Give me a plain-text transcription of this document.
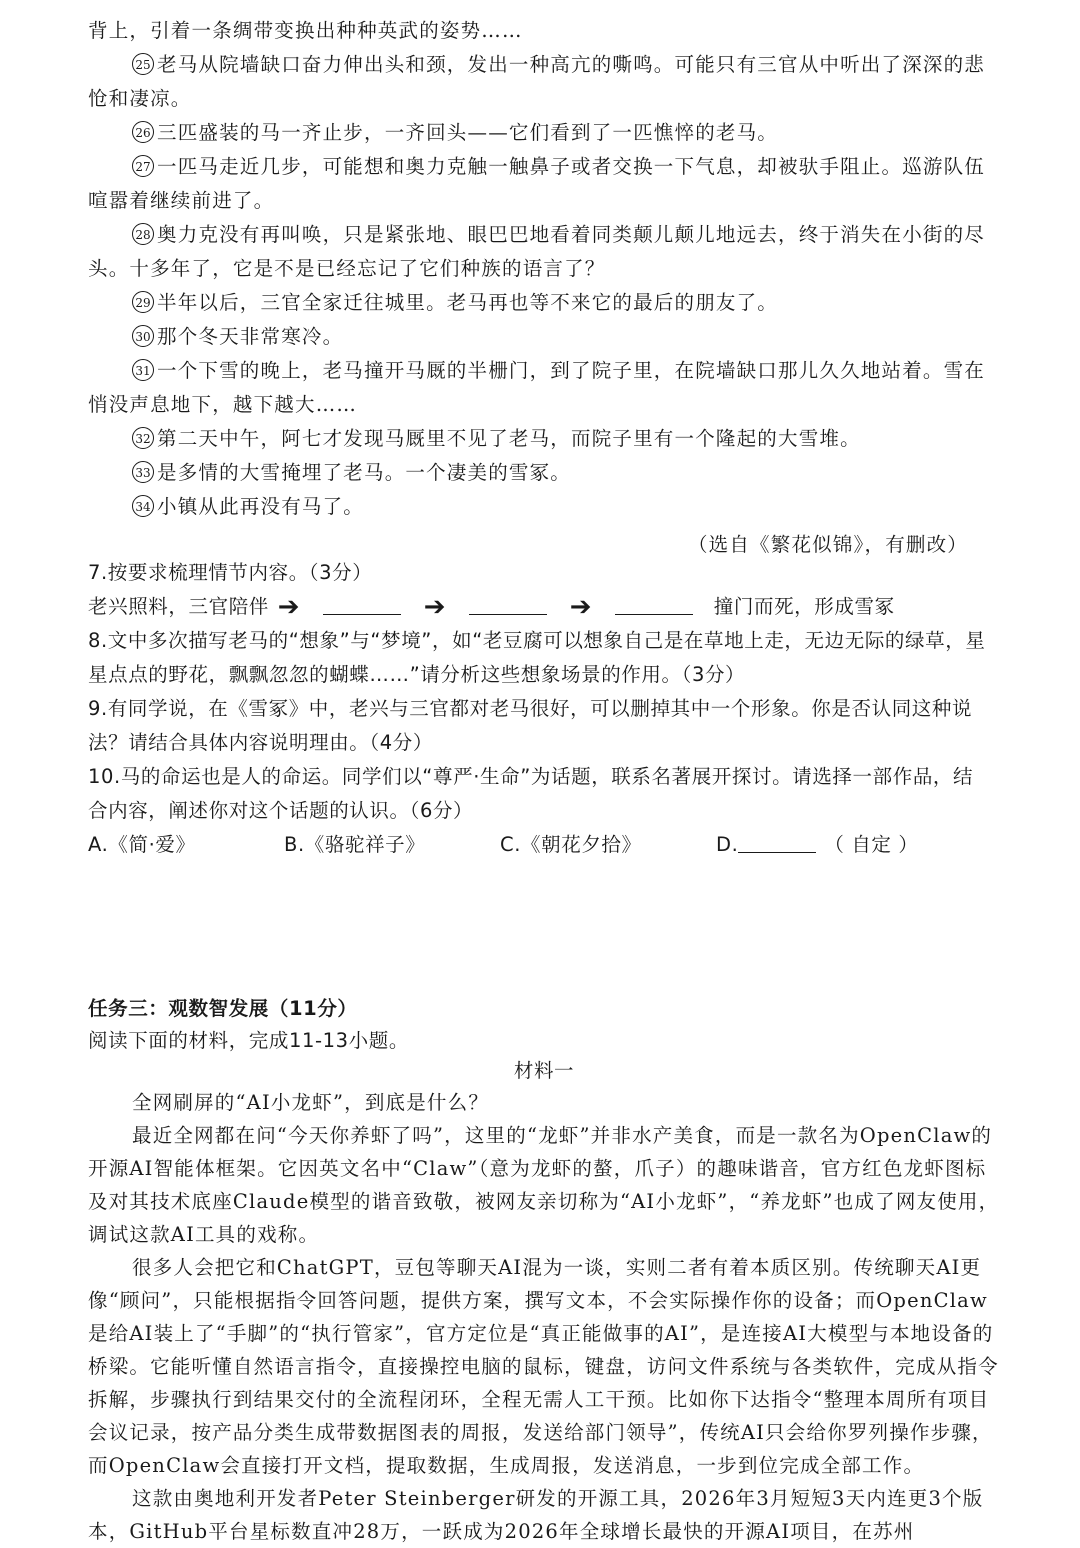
背上，引着一条绸带变换出种种英武的姿势……

25 老马从院墙缺口奋力伸出头和颈，发出一种高亢的嘶鸣。可能只有三官从中听出了深深的悲怆和凄凉。

26 三匹盛装的马一齐止步，一齐回头——它们看到了一匹憔悴的老马。

27 一匹马走近几步，可能想和奥力克触一触鼻子或者交换一下气息，却被驮手阻止。巡游队伍喧嚣着继续前进了。

28 奥力克没有再叫唤，只是紧张地、眼巴巴地看着同类颠儿颠儿地远去，终于消失在小街的尽头。十多年了，它是不是已经忘记了它们种族的语言了？

29 半年以后，三官全家迁往城里。老马再也等不来它的最后的朋友了。

30 那个冬天非常寒冷。

31 一个下雪的晚上，老马撞开马厩的半栅门，到了院子里，在院墙缺口那儿久久地站着。雪在悄没声息地下，越下越大……

32 第二天中午，阿七才发现马厩里不见了老马，而院子里有一个隆起的大雪堆。

33 是多情的大雪掩埋了老马。一个凄美的雪冢。

34 小镇从此再没有马了。

（选自《繁花似锦》，有删改）

7.按要求梳理情节内容。（3分）

老兴照料，三官陪伴 ➔	➔	➔	撞门而死，形成雪冢

8.文中多次描写老马的“想象”与“梦境”，如“老豆腐可以想象自己是在草地上走，无边无际的绿草，星星点点的野花，飘飘忽忽的蝴蝶……”请分析这些想象场景的作用。（3分）

9.有同学说，在《雪冢》中，老兴与三官都对老马很好，可以删掉其中一个形象。你是否认同这种说法？请结合具体内容说明理由。（4分）

10.马的命运也是人的命运。同学们以“尊严·生命”为话题，联系名著展开探讨。请选择一部作品，结合内容，阐述你对这个话题的认识。（6分）

A.《简·爱》	B.《骆驼祥子》	C.《朝花夕拾》	D.	（ 自定 ）

任务三：观数智发展（11分）

阅读下面的材料，完成11-13小题。

材料一

全网刷屏的“AI小龙虾”，到底是什么？

最近全网都在问“今天你养虾了吗”，这里的“龙虾”并非水产美食，而是一款名为OpenClaw的开源AI智能体框架。它因英文名中“Claw”（意为龙虾的螯，爪子）的趣味谐音，官方红色龙虾图标及对其技术底座Claude模型的谐音致敬，被网友亲切称为“AI小龙虾”，“养龙虾”也成了网友使用，调试这款AI工具的戏称。

很多人会把它和ChatGPT，豆包等聊天AI混为一谈，实则二者有着本质区别。传统聊天AI更像“顾问”，只能根据指令回答问题，提供方案，撰写文本，不会实际操作你的设备；而OpenClaw是给AI装上了“手脚”的“执行管家”，官方定位是“真正能做事的AI”，是连接AI大模型与本地设备的桥梁。它能听懂自然语言指令，直接操控电脑的鼠标，键盘，访问文件系统与各类软件，完成从指令拆解，步骤执行到结果交付的全流程闭环，全程无需人工干预。比如你下达指令“整理本周所有项目会议记录，按产品分类生成带数据图表的周报，发送给部门领导”，传统AI只会给你罗列操作步骤，而OpenClaw会直接打开文档，提取数据，生成周报，发送消息，一步到位完成全部工作。

这款由奥地利开发者Peter Steinberger研发的开源工具，2026年3月短短3天内连更3个版本，GitHub平台星标数直冲28万，一跃成为2026年全球增长最快的开源AI项目，在苏州
